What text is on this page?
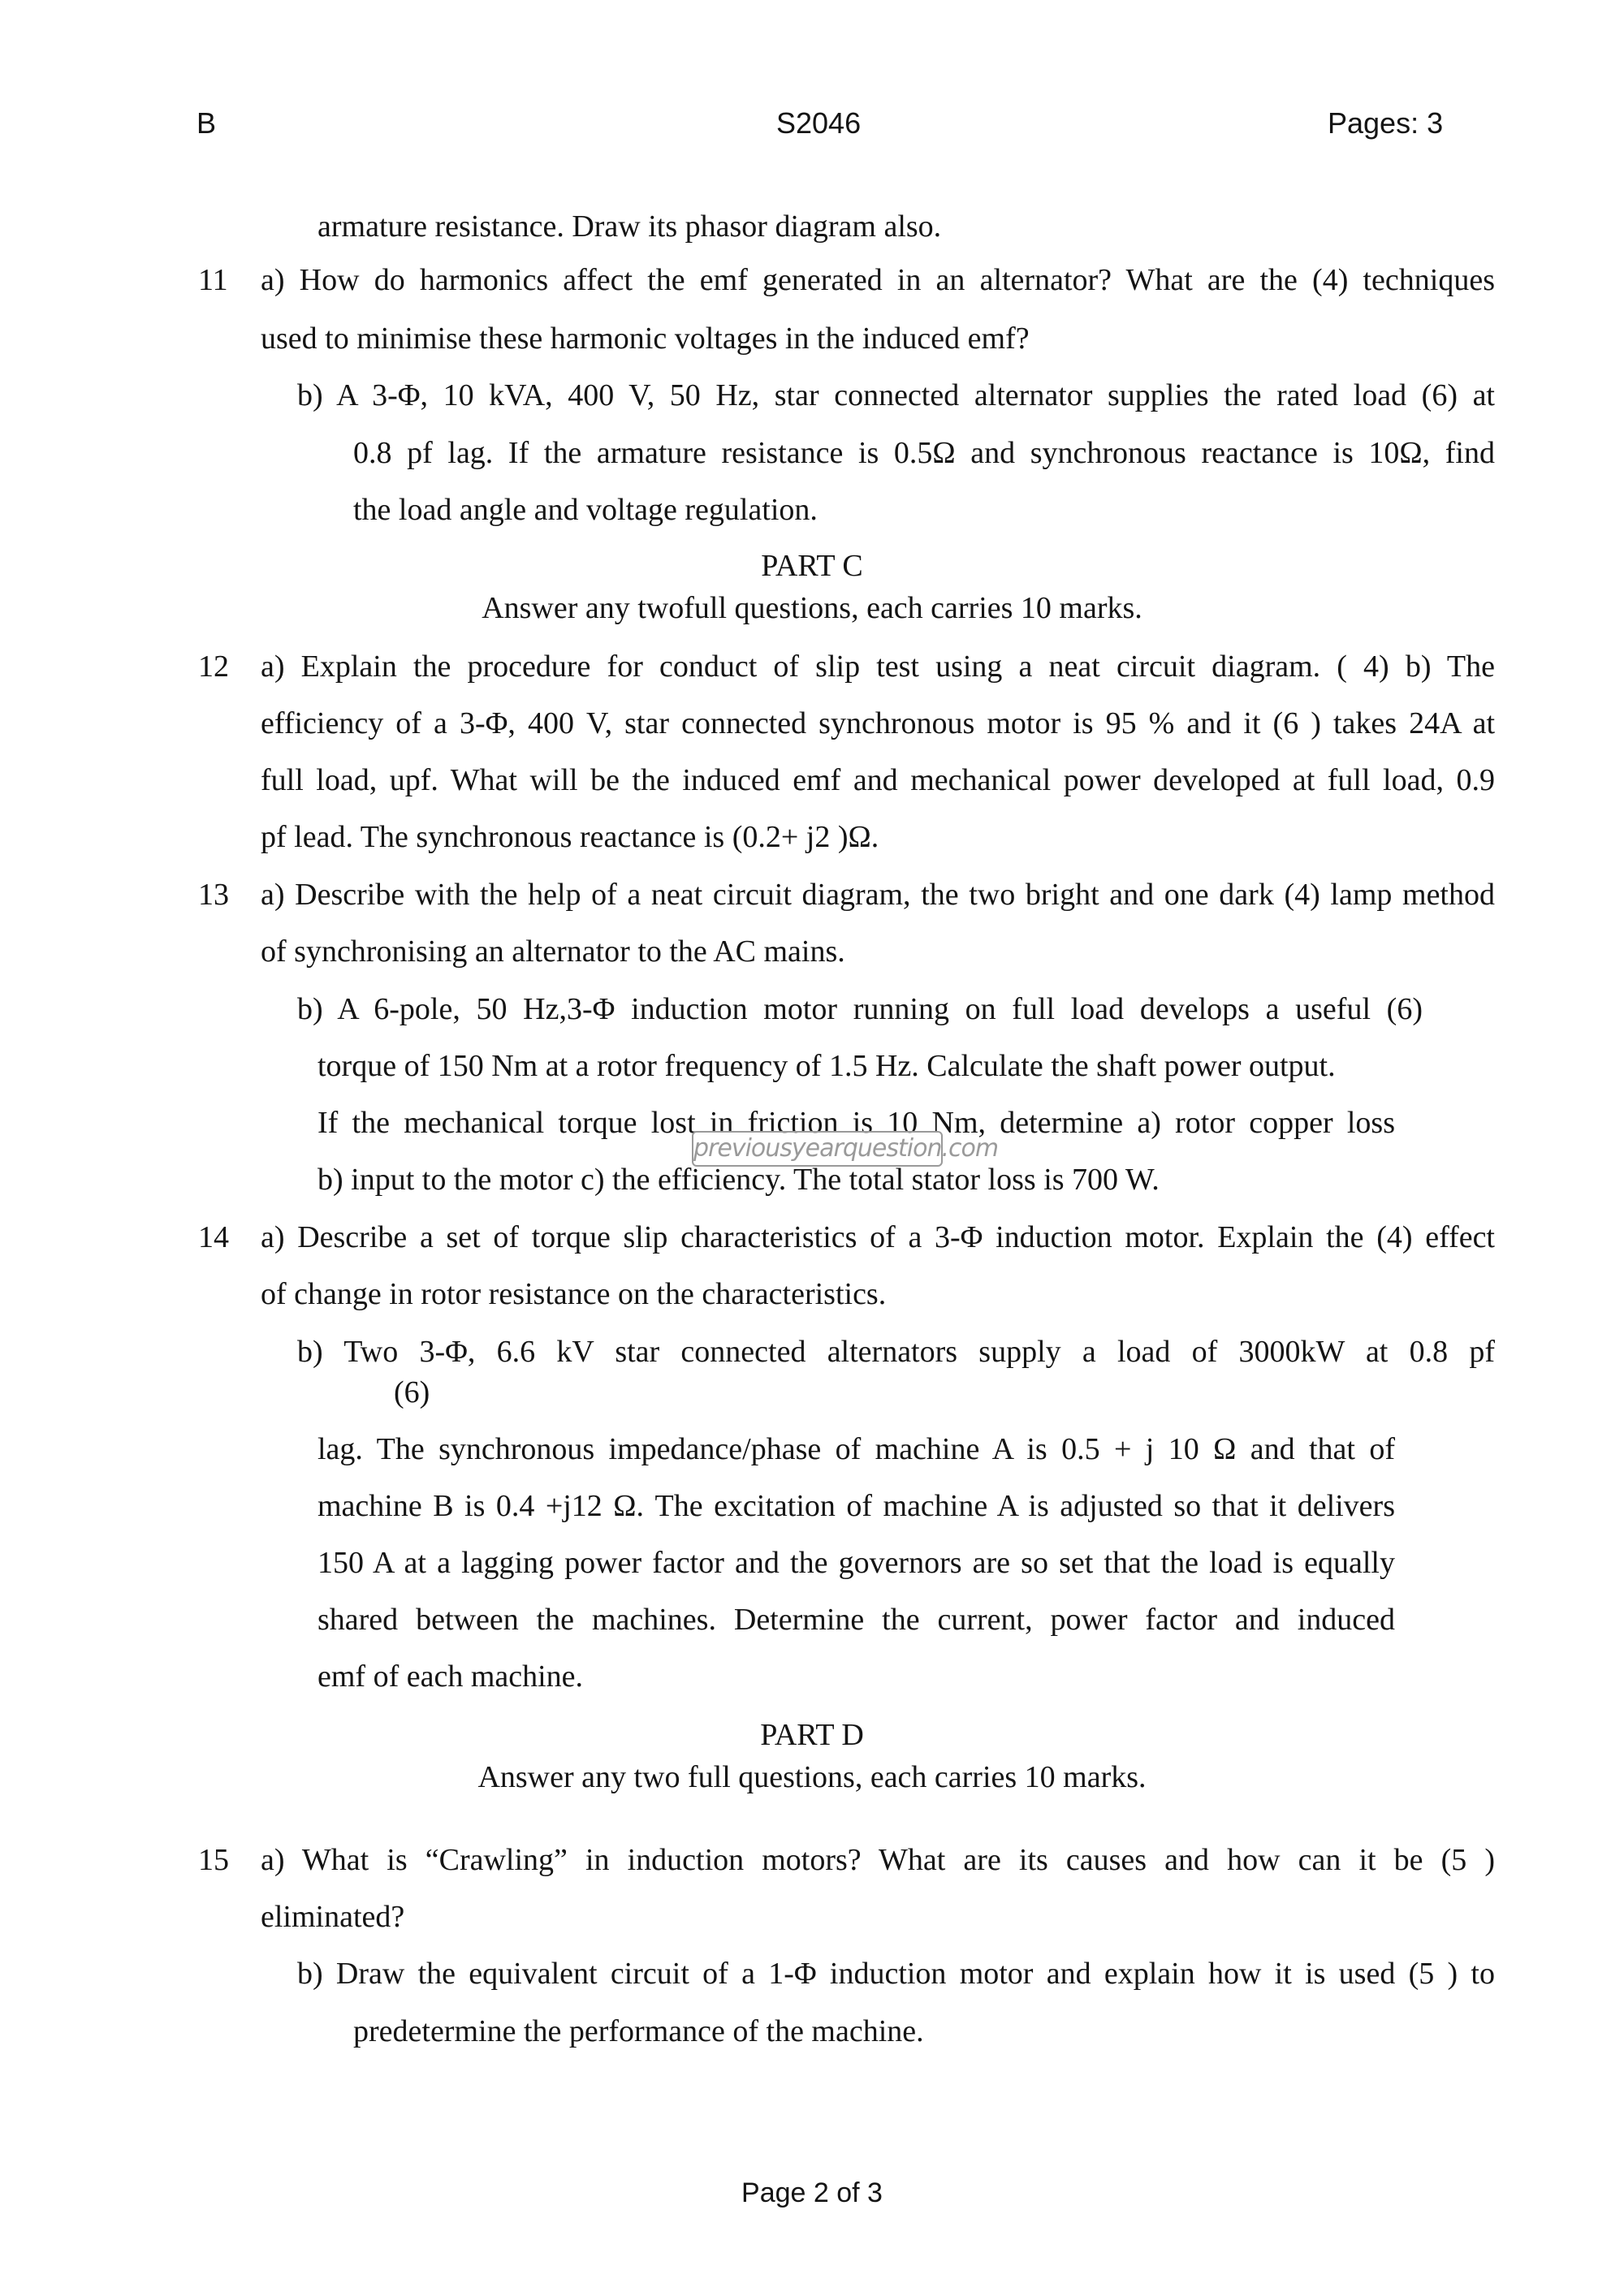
B	S2046	Pages: 3
armature resistance. Draw its phasor diagram also.
11 a) How do harmonics affect the emf generated in an alternator? What are the (4) techniques
used to minimise these harmonic voltages in the induced emf?
b) A 3-Φ, 10 kVA, 400 V, 50 Hz, star connected alternator supplies the rated load (6) at
0.8 pf lag. If the armature resistance is 0.5Ω and synchronous reactance is 10Ω, find
the load angle and voltage regulation.
PART C
Answer any twofull questions, each carries 10 marks.
12 a) Explain the procedure for conduct of slip test using a neat circuit diagram. ( 4) b) The
efficiency of a 3-Φ, 400 V, star connected synchronous motor is 95 % and it (6 ) takes 24A at
full load, upf. What will be the induced emf and mechanical power developed at full load, 0.9
pf lead. The synchronous reactance is (0.2+ j2 )Ω.
13 a) Describe with the help of a neat circuit diagram, the two bright and one dark (4) lamp method
of synchronising an alternator to the AC mains.
b) A 6-pole, 50 Hz,3-Φ induction motor running on full load develops a useful (6)
torque of 150 Nm at a rotor frequency of 1.5 Hz. Calculate the shaft power output.
If the mechanical torque lost in friction is 10 Nm, determine a) rotor copper loss
b) input to the motor c) the efficiency. The total stator loss is 700 W.
14 a) Describe a set of torque slip characteristics of a 3-Φ induction motor. Explain the (4) effect
of change in rotor resistance on the characteristics.
b) Two 3-Φ, 6.6 kV star connected alternators supply a load of 3000kW at 0.8 pf
(6)
lag. The synchronous impedance/phase of machine A is 0.5 + j 10 Ω and that of
machine B is 0.4 +j12 Ω. The excitation of machine A is adjusted so that it delivers
150 A at a lagging power factor and the governors are so set that the load is equally
shared between the machines. Determine the current, power factor and induced
emf of each machine.
PART D
Answer any two full questions, each carries 10 marks.
15 a) What is “Crawling” in induction motors? What are its causes and how can it be (5 )
eliminated?
b) Draw the equivalent circuit of a 1-Φ induction motor and explain how it is used (5 ) to
predetermine the performance of the machine.
previousyearquestion.com
Page 2 of 3
